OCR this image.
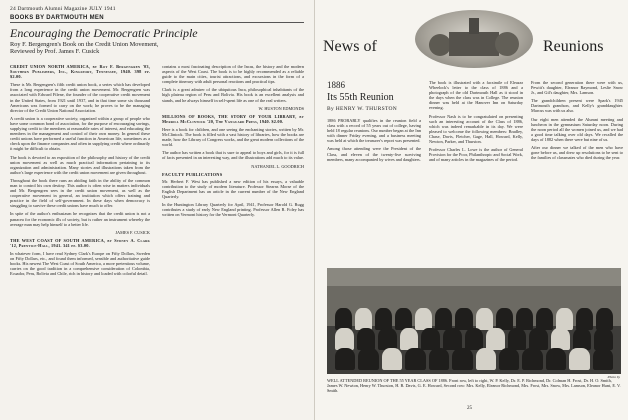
24 Dartmouth Alumni Magazine JULY 1941
BOOKS BY DARTMOUTH MEN
Encouraging the Democratic Principle
Roy F. Bergengren's Book on the Credit Union Movement, Reviewed by Prof. James F. Cusick

CREDIT UNION NORTH AMERICA, by Roy F. Bergengren '03, Southern Publishers, Inc., Kingsport, Tennessee, 1940. 398 pp. $2.00.

These is Mr. Bergengren's fifth credit union book, a series which has developed from a long experience in the credit union movement. Mr. Bergengren was associated with Edward Filene, the founder of the cooperative credit movement in the United States, from 1921 until 1937, and in that time some six thousand Americans was formed to carry on the work; he proves to be the managing director of the Credit Union National Association.

A credit union is a cooperative society, organized within a group of people who have some common bond of association, for the purpose of encouraging savings, supplying credit to the members at reasonable rates of interest, and educating the members in the management and control of their own money. In general these credit unions have performed a useful function in American life, sometimes as a check upon the finance companies and often in supplying credit where ordinarily it might be difficult to obtain.

The book is devoted to an exposition of the philosophy and history of the credit union movement as well as much practical information pertaining to its organization and administration. Many stories and illustrations taken from the author's large experience with the credit union movement are given throughout.

Throughout the book there runs an abiding faith in the ability of the common man to control his own destiny. This author is often wise in matters individuals and Mr. Bergengren sees in the credit union movement, as well as the cooperative movement in general, an institution which offers training and practice in the field of self-government. In these days when democracy is struggling to survive these credit unions have much to offer.

In spite of the author's enthusiasm he recognizes that the credit union is not a panacea for the economic ills of society, but is rather an instrument whereby the average man may help himself to a better life.

JAMES F. CUSICK

THE WEST COAST OF SOUTH AMERICA, by Sydney A. Clark '12, Prentice-Hall, 1941. 341 pp. $3.00.

In whatever form, I have read Sydney Clark's Europe on Fifty Dollars, Sweden on Fifty Dollars, etc., and found them informed, sensible and authoritative guide books. His newest The West Coast of South America, a more pretentious volume, carries on the good tradition in a comprehensive consideration of Colombia, Ecuador, Peru, Bolivia and Chile, rich in history and loaded with colorful detail.

contains a most fascinating description of the Incas, the history and the modern aspects of the West Coast. The book is to be highly recommended as a reliable guide to the main cities, tourist attractions, and excursions in the form of a complete itinerary with adult personal reactions and practical tips.

Clark is a great admirer of the ubiquitous Inca, philosophical inhabitants of the high plateau region of Peru and Bolivia. His book is an excellent analysis and stands, and he always himself in self-spent life as one of the real writers.

W. HUSTON EDMONDS

MILLIONS OF BOOKS, THE STORY OF YOUR LIBRARY, by Merrill McClintock '20, The Vanguard Press, 1940. $2.00.

Here is a book for children, and one seeing the enchanting stories, written by Mr. McClintock. The book is filled with a vast history of libraries, how the books are made, how the Library of Congress works, and the great modern collections of the world.

The author has written a book that is sure to appeal to boys and girls, for it is full of facts presented in an interesting way, and the illustrations add much to its value.

NATHANIEL L. GOODRICH

FACULTY PUBLICATIONS

Mr. Herbert F. West has published a new edition of his essays, a valuable contribution to the study of modern literature. Professor Stearns Morse of the English Department has an article in the current number of the New England Quarterly.

In the Huntington Library Quarterly for April, 1941, Professor Harold G. Rugg contributes a study of early New England printing. Professor Allen R. Foley has written on Vermont history for the Vermont Quarterly.

News of	Reunions
1886
Its 55th Reunion
By HENRY W. THURSTON

1886 PROBABLY qualifies in the reunion field a class with a record of 55 years out of college, having held 18 regular reunions. Our number began at the Inn with dinner Friday evening, and a business meeting was held at which the treasurer's report was presented.

Among those attending were the President of the Class, and eleven of the twenty-five surviving members, many accompanied by wives and daughters.

The book is illustrated with a facsimile of Eleazar Wheelock's letter to the class of 1886 and a photograph of the old Dartmouth Hall as it stood in the days when the class was in College. The reunion dinner was held at the Hanover Inn on Saturday evening.

Professor Nash is to be congratulated on presenting such an interesting account of the Class of 1886, which was indeed remarkable in its day. We were pleased to welcome the following members: Bradley, Chase, Davis, Fletcher, Gage, Hall, Howard, Kelly, Newton, Parker, and Thurston.

Professor Charles L. Lowe is the author of General Provision for the Poor, Philanthropic and Social Work, and of many articles in the magazines of the period.

From the second generation there were with us, Pewitt's daughter, Eleanor Raymond, Leslie Snow Jr., and Gil's daughter, Mrs. Lamson.

The grandchildren present were Spark's 1945 Dartmouth grandson, and Kelly's granddaughter. Marcus was with us also.

Our eight men attended the Alumni meeting and luncheon in the gymnasium Saturday noon. During the noon period all the women joined us, and we had a good time talking over old days. We recalled the days of 1882 when there were but nine of us.

After our dinner we talked of the men who have gone before us, and drew up resolutions to be sent to the families of classmates who died during the year.

Photo by
WELL ATTENDED REUNION OF THE 55 YEAR CLASS OF 1886. Front row, left to right, W. P. Kelly, Dr. E. P. Richmond, Dr. Colman H. Frost, Dr. H. O. Smith, James W. Newton, Henry W. Thurston, H. B. Davis, G. E. Howard, Second row: Mrs. Kelly, Eleanor Richmond, Mrs. Frost, Mrs. Snow, Mrs. Lamson, Eleanor Hunt, E. V. Smith.
25
